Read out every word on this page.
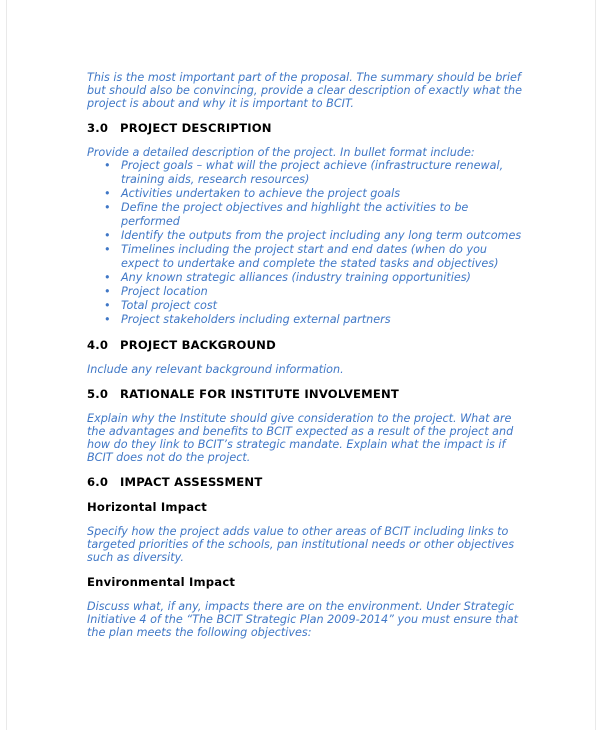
This is the most important part of the proposal. The summary should be brief but should also be convincing, provide a clear description of exactly what the project is about and why it is important to BCIT.

3.0 PROJECT DESCRIPTION

Provide a detailed description of the project. In bullet format include:

• Project goals – what will the project achieve (infrastructure renewal, training aids, research resources)
• Activities undertaken to achieve the project goals
• Define the project objectives and highlight the activities to be performed
• Identify the outputs from the project including any long term outcomes
• Timelines including the project start and end dates (when do you expect to undertake and complete the stated tasks and objectives)
• Any known strategic alliances (industry training opportunities)
• Project location
• Total project cost
• Project stakeholders including external partners

4.0 PROJECT BACKGROUND

Include any relevant background information.

5.0 RATIONALE FOR INSTITUTE INVOLVEMENT

Explain why the Institute should give consideration to the project. What are the advantages and benefits to BCIT expected as a result of the project and how do they link to BCIT’s strategic mandate. Explain what the impact is if BCIT does not do the project.

6.0 IMPACT ASSESSMENT

Horizontal Impact

Specify how the project adds value to other areas of BCIT including links to targeted priorities of the schools, pan institutional needs or other objectives such as diversity.

Environmental Impact

Discuss what, if any, impacts there are on the environment. Under Strategic Initiative 4 of the “The BCIT Strategic Plan 2009-2014” you must ensure that the plan meets the following objectives:
